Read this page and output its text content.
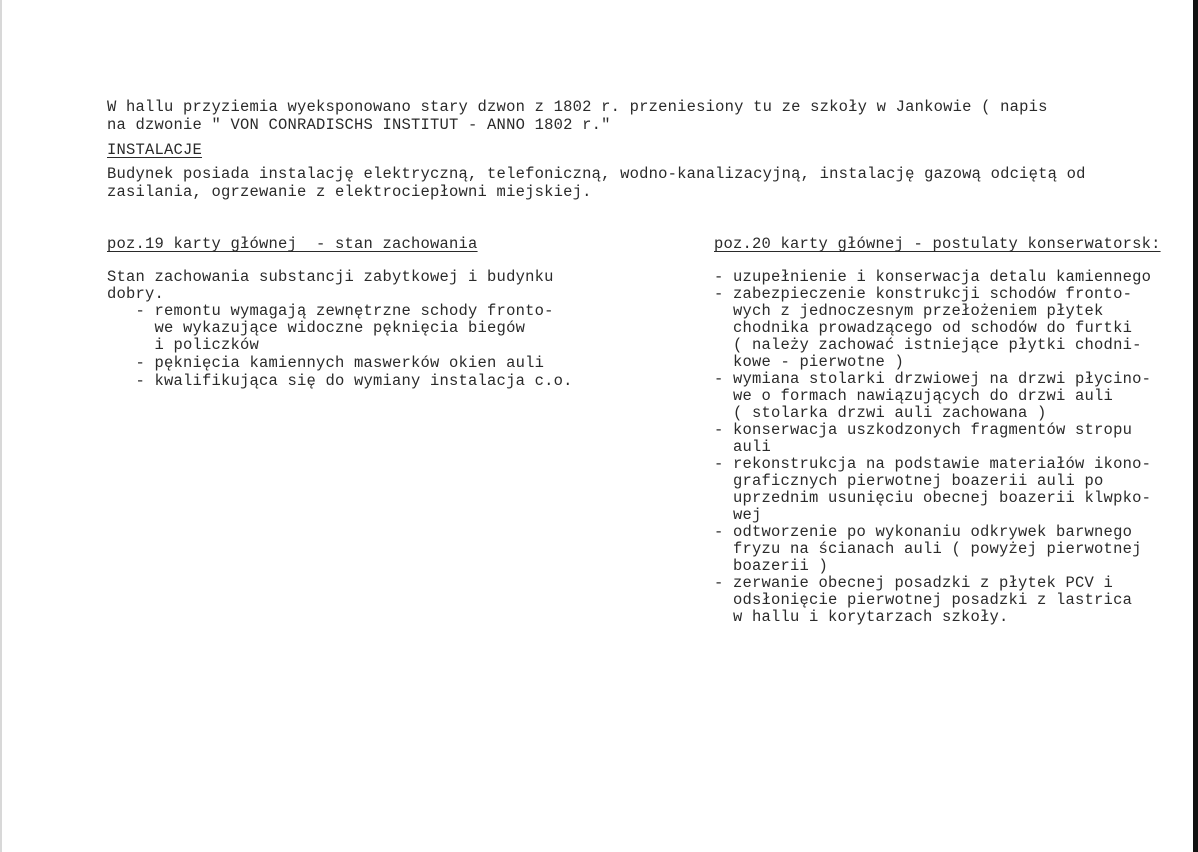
W hallu przyziemia wyeksponowano stary dzwon z 1802 r. przeniesiony tu ze szkoły w Jankowie ( napis
na dzwonie " VON CONRADISCHS INSTITUT - ANNO 1802 r."
INSTALACJE
Budynek posiada instalację elektryczną, telefoniczną, wodno-kanalizacyjną, instalację gazową odciętą od
zasilania, ogrzewanie z elektrociepłowni miejskiej.
poz.19 karty głównej  - stan zachowania
Stan zachowania substancji zabytkowej i budynku
dobry.
- remontu wymagają zewnętrzne schody fronto-
we wykazujące widoczne pęknięcia biegów
i policzków
- pęknięcia kamiennych maswerków okien auli
- kwalifikująca się do wymiany instalacja c.o.
poz.20 karty głównej - postulaty konserwatorsk:
- uzupełnienie i konserwacja detalu kamiennego
- zabezpieczenie konstrukcji schodów fronto-
wych z jednoczesnym przełożeniem płytek
chodnika prowadzącego od schodów do furtki
( należy zachować istniejące płytki chodni-
kowe - pierwotne )
- wymiana stolarki drzwiowej na drzwi płycino-
we o formach nawiązujących do drzwi auli
( stolarka drzwi auli zachowana )
- konserwacja uszkodzonych fragmentów stropu
auli
- rekonstrukcja na podstawie materiałów ikono-
graficznych pierwotnej boazerii auli po
uprzednim usunięciu obecnej boazerii klwpko-
wej
- odtworzenie po wykonaniu odkrywek barwnego
fryzu na ścianach auli ( powyżej pierwotnej
boazerii )
- zerwanie obecnej posadzki z płytek PCV i
odsłonięcie pierwotnej posadzki z lastrica
w hallu i korytarzach szkoły.
